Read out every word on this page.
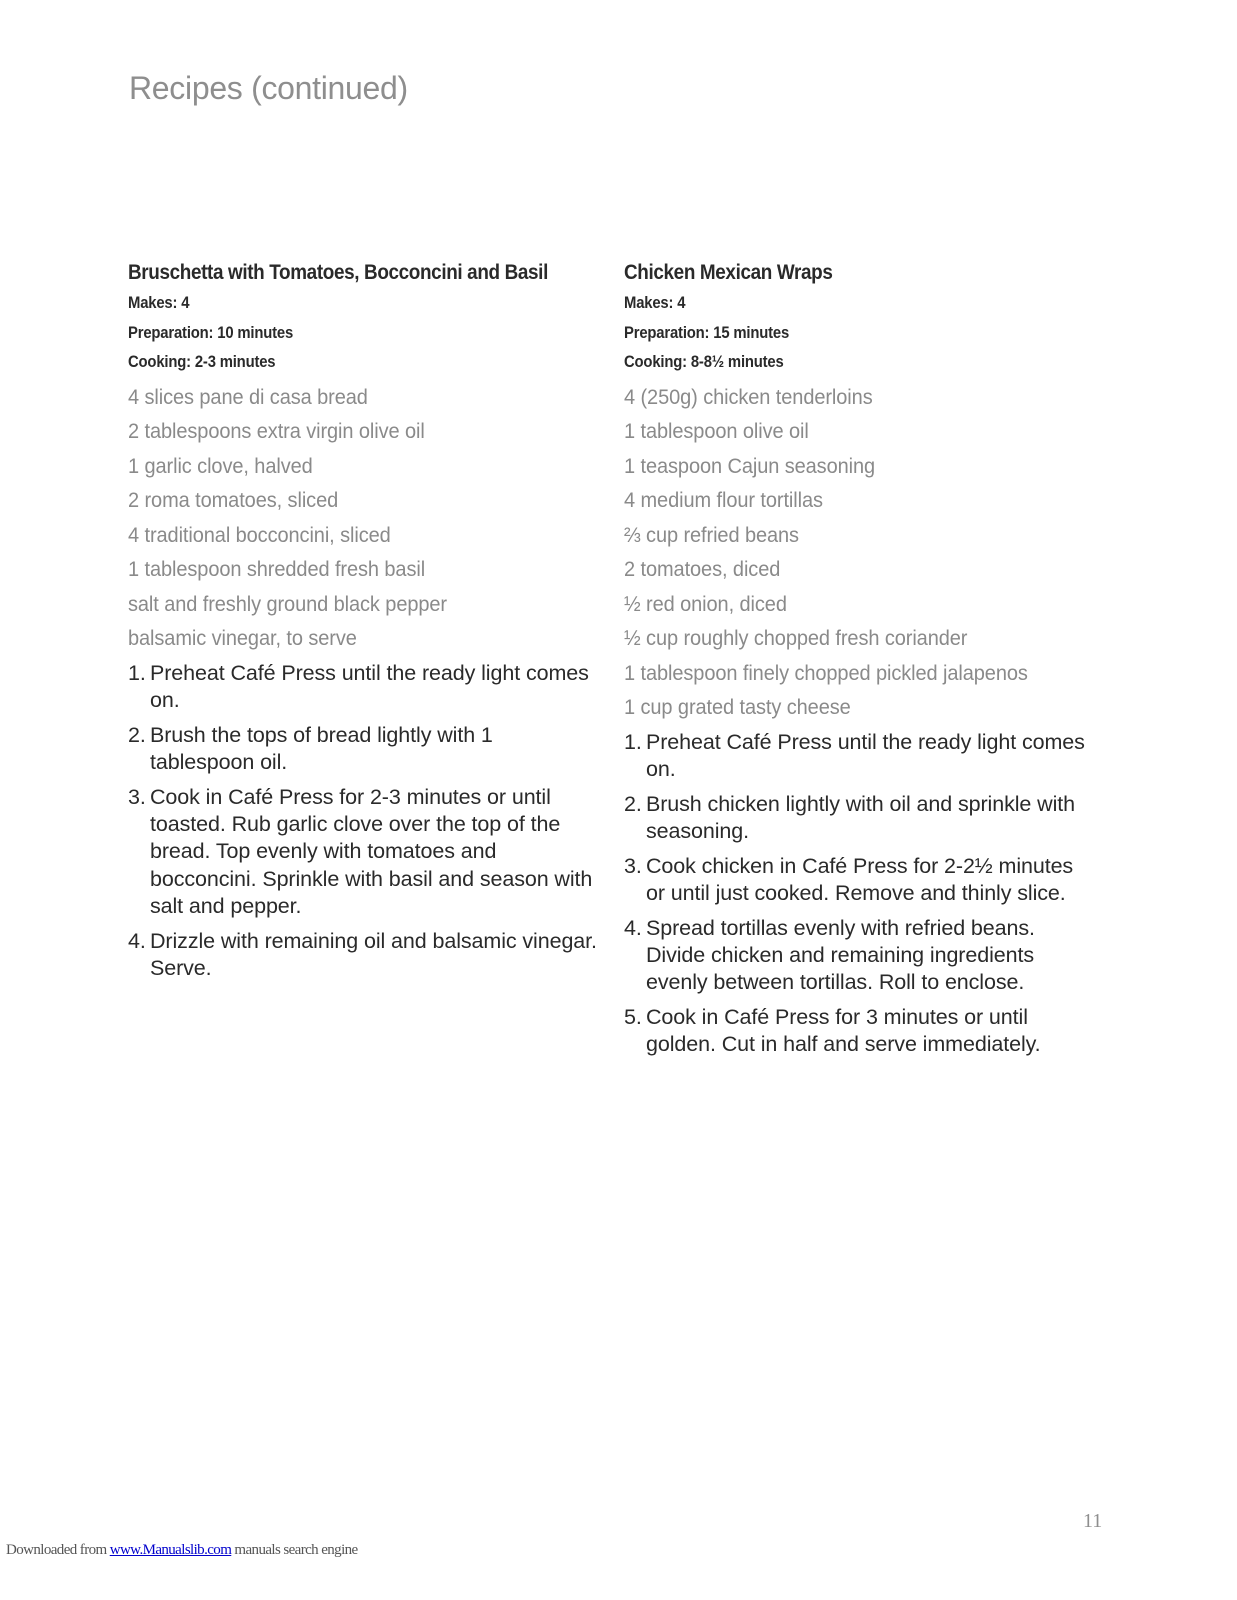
Recipes (continued)
Bruschetta with Tomatoes, Bocconcini and Basil
Makes: 4
Preparation: 10 minutes
Cooking: 2-3 minutes
4 slices pane di casa bread
2 tablespoons extra virgin olive oil
1 garlic clove, halved
2 roma tomatoes, sliced
4 traditional bocconcini, sliced
1 tablespoon shredded fresh basil
salt and freshly ground black pepper
balsamic vinegar, to serve
1. Preheat Café Press until the ready light comes on.
2. Brush the tops of bread lightly with 1 tablespoon oil.
3. Cook in Café Press for 2-3 minutes or until toasted. Rub garlic clove over the top of the bread. Top evenly with tomatoes and bocconcini. Sprinkle with basil and season with salt and pepper.
4. Drizzle with remaining oil and balsamic vinegar. Serve.
Chicken Mexican Wraps
Makes: 4
Preparation: 15 minutes
Cooking: 8-8½ minutes
4 (250g) chicken tenderloins
1 tablespoon olive oil
1 teaspoon Cajun seasoning
4 medium flour tortillas
⅔ cup refried beans
2 tomatoes, diced
½ red onion, diced
½ cup roughly chopped fresh coriander
1 tablespoon finely chopped pickled jalapenos
1 cup grated tasty cheese
1. Preheat Café Press until the ready light comes on.
2. Brush chicken lightly with oil and sprinkle with seasoning.
3. Cook chicken in Café Press for 2-2½ minutes or until just cooked. Remove and thinly slice.
4. Spread tortillas evenly with refried beans. Divide chicken and remaining ingredients evenly between tortillas. Roll to enclose.
5. Cook in Café Press for 3 minutes or until golden. Cut in half and serve immediately.
11
Downloaded from www.Manualslib.com manuals search engine
